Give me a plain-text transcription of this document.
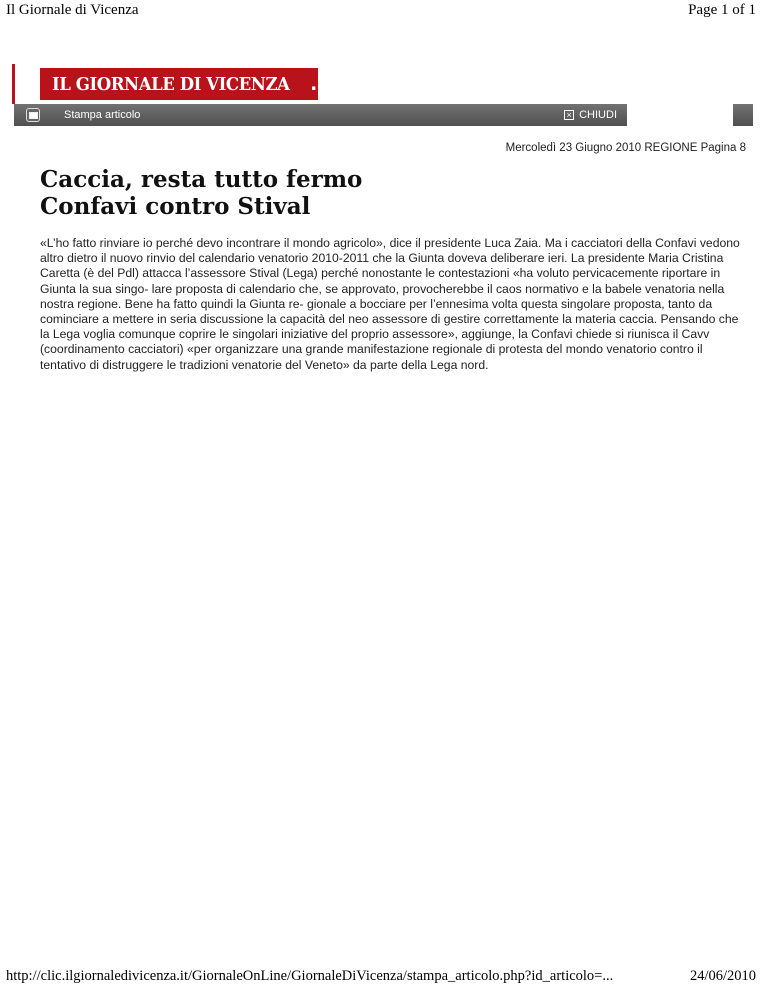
Il Giornale di Vicenza	Page 1 of 1
IL GIORNALE DI VICENZA .it
Stampa articolo	× CHIUDI
Mercoledì 23 Giugno 2010 REGIONE Pagina 8
Caccia, resta tutto fermo
Confavi contro Stival

«L’ho fatto rinviare io perché devo incontrare il mondo agricolo», dice il presidente Luca Zaia. Ma i cacciatori della Confavi vedono altro dietro il nuovo rinvio del calendario venatorio 2010-2011 che la Giunta doveva deliberare ieri. La presidente Maria Cristina Caretta (è del Pdl) attacca l’assessore Stival (Lega) perché nonostante le contestazioni «ha voluto pervicacemente riportare in Giunta la sua singo- lare proposta di calendario che, se approvato, provocherebbe il caos normativo e la babele venatoria nella nostra regione. Bene ha fatto quindi la Giunta re- gionale a bocciare per l’ennesima volta questa singolare proposta, tanto da cominciare a mettere in seria discussione la capacità del neo assessore di gestire correttamente la materia caccia. Pensando che la Lega voglia comunque coprire le singolari iniziative del proprio assessore», aggiunge, la Confavi chiede si riunisca il Cavv (coordinamento cacciatori) «per organizzare una grande manifestazione regionale di protesta del mondo venatorio contro il tentativo di distruggere le tradizioni venatorie del Veneto» da parte della Lega nord.

http://clic.ilgiornaledivicenza.it/GiornaleOnLine/GiornaleDiVicenza/stampa_articolo.php?id_articolo=...	24/06/2010
